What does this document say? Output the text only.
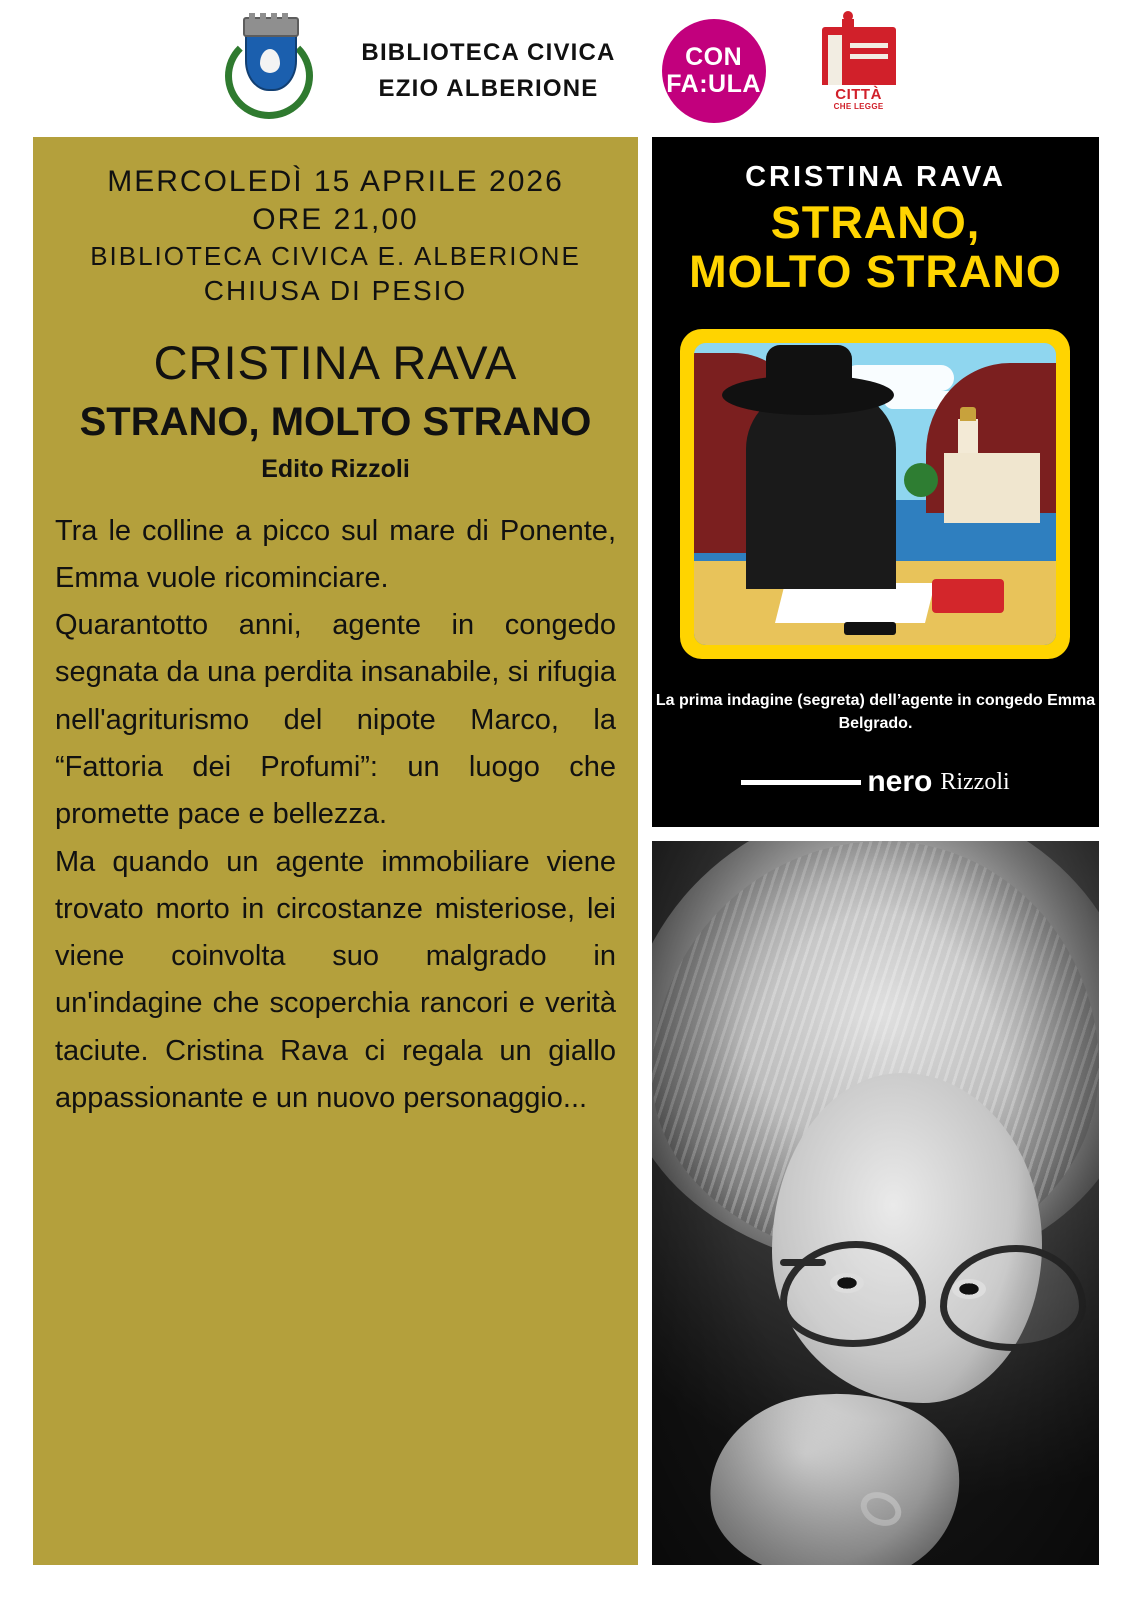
BIBLIOTECA CIVICA
EZIO ALBERIONE
CON
FA:ULA	CITTÀ
CHE LEGGE
MERCOLEDÌ 15 APRILE 2026
ORE 21,00
BIBLIOTECA CIVICA E. ALBERIONE
CHIUSA DI PESIO
CRISTINA RAVA
STRANO, MOLTO STRANO
Edito Rizzoli

Tra le colline a picco sul mare di Ponente, Emma vuole ricominciare.

Quarantotto anni, agente in congedo segnata da una perdita insanabile, si rifugia nell'agriturismo del nipote Marco, la “Fattoria dei Profumi”: un luogo che promette pace e bellezza.

Ma quando un agente immobiliare viene trovato morto in circostanze misteriose, lei viene coinvolta suo malgrado in un'indagine che scoperchia rancori e verità taciute. Cristina Rava ci regala un giallo appassionante e un nuovo personaggio...

CRISTINA RAVA
STRANO,
MOLTO STRANO
La prima indagine (segreta) dell’agente in congedo Emma Belgrado.
nero Rizzoli
